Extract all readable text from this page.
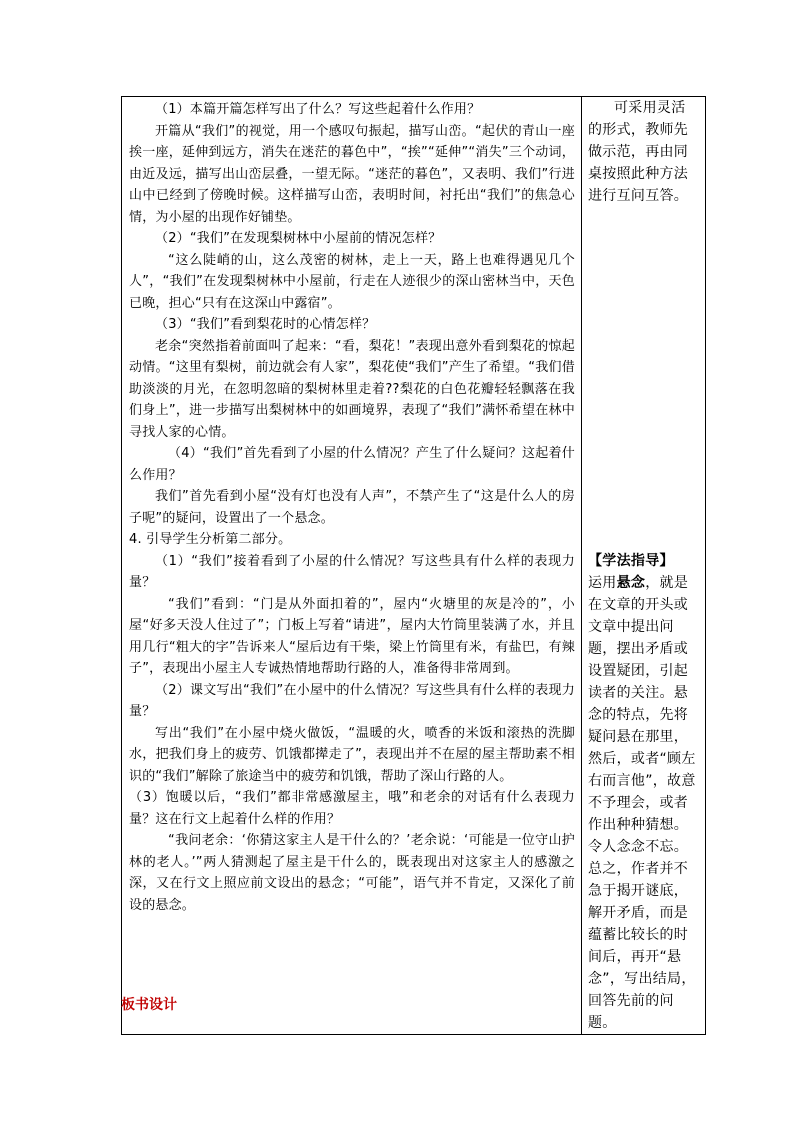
（1）本篇开篇怎样写出了什么？写这些起着什么作用？

开篇从“我们”的视觉，用一个感叹句振起，描写山峦。“起伏的青山一座挨一座，延伸到远方，消失在迷茫的暮色中”，“挨”“延伸”“消失”三个动词，由近及远，描写出山峦层叠，一望无际。“迷茫的暮色”，又表明、我们”行进山中已经到了傍晚时候。这样描写山峦，表明时间，衬托出“我们”的焦急心情，为小屋的出现作好铺垫。

（2）“我们”在发现梨树林中小屋前的情况怎样？

“这么陡峭的山，这么茂密的树林，走上一天，路上也难得遇见几个人”，“我们”在发现梨树林中小屋前，行走在人迹很少的深山密林当中，天色已晚，担心“只有在这深山中露宿”。

（3）“我们”看到梨花时的心情怎样？

老余“突然指着前面叫了起来：“看，梨花！”表现出意外看到梨花的惊起动情。“这里有梨树，前边就会有人家”，梨花使“我们”产生了希望。“我们借助淡淡的月光，在忽明忽暗的梨树林里走着??梨花的白色花瓣轻轻飘落在我们身上”，进一步描写出梨树林中的如画境界，表现了“我们”满怀希望在林中寻找人家的心情。

（4）“我们”首先看到了小屋的什么情况？产生了什么疑问？这起着什么作用？

我们”首先看到小屋“没有灯也没有人声”，不禁产生了“这是什么人的房子呢”的疑问，设置出了一个悬念。

4. 引导学生分析第二部分。

（1）“我们”接着看到了小屋的什么情况？写这些具有什么样的表现力量？

“我们”看到：“门是从外面扣着的”，屋内“火塘里的灰是冷的”，小屋“好多天没人住过了”；门板上写着“请进”，屋内大竹筒里装满了水，并且用几行“粗大的字”告诉来人“屋后边有干柴，梁上竹筒里有米，有盐巴，有辣子”，表现出小屋主人专诚热情地帮助行路的人，准备得非常周到。

（2）课文写出“我们”在小屋中的什么情况？写这些具有什么样的表现力量？

写出“我们”在小屋中烧火做饭，“温暖的火，喷香的米饭和滚热的洗脚水，把我们身上的疲劳、饥饿都撵走了”，表现出并不在屋的屋主帮助素不相识的“我们”解除了旅途当中的疲劳和饥饿，帮助了深山行路的人。

（3）饱暖以后，“我们”都非常感激屋主，哦”和老余的对话有什么表现力量？这在行文上起着什么样的作用？

“我问老余：‘你猜这家主人是干什么的？’老余说：‘可能是一位守山护林的老人。’”两人猜测起了屋主是干什么的，既表现出对这家主人的感激之深，又在行文上照应前文设出的悬念；“可能”，语气并不肯定，又深化了前设的悬念。

可采用灵活的形式，教师先做示范，再由同桌按照此种方法进行互问互答。

【学法指导】

运用悬念，就是在文章的开头或文章中提出问题，摆出矛盾或设置疑团，引起读者的关注。悬念的特点，先将疑问悬在那里，然后，或者“顾左右而言他”，故意不予理会，或者作出种种猜想。令人念念不忘。总之，作者并不急于揭开谜底，解开矛盾，而是蕴蓄比较长的时间后，再开“悬念”，写出结局，回答先前的问题。

板书设计
